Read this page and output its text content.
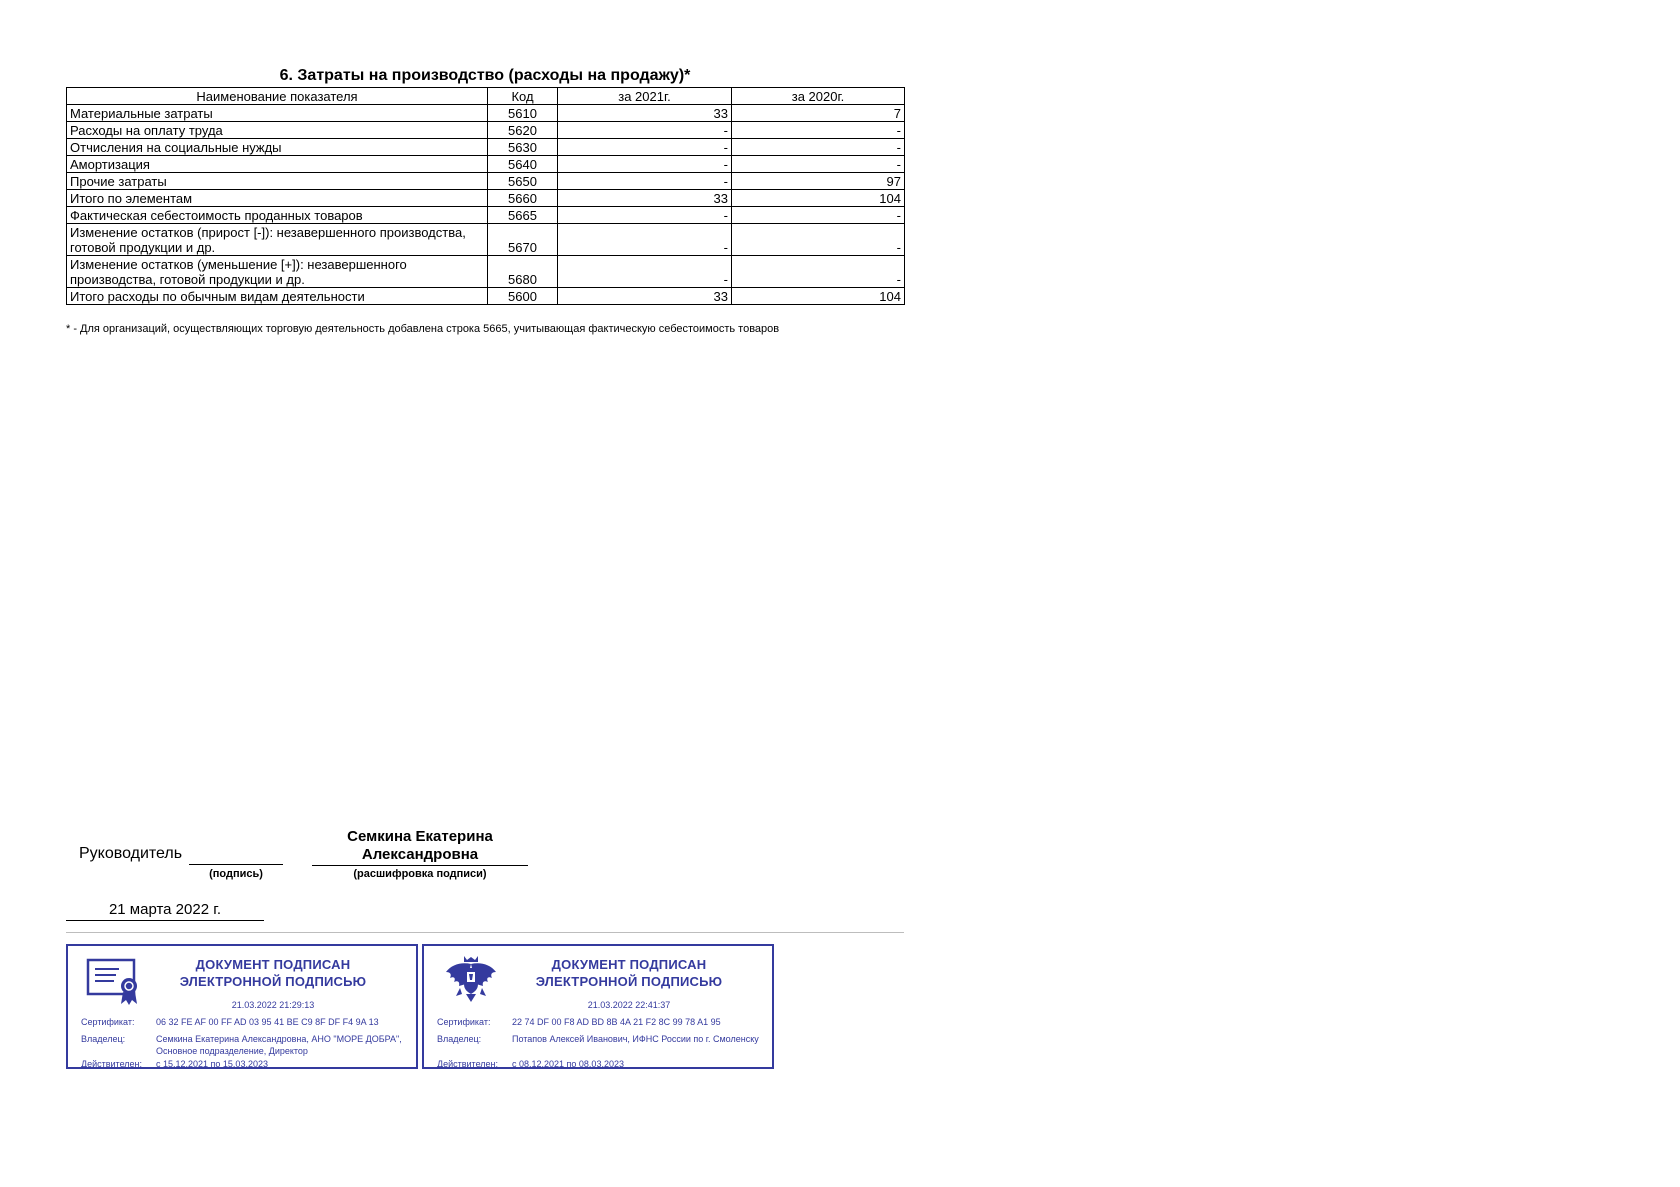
6. Затраты на производство (расходы на продажу)*
Наименование показателя	Код	за 2021г.	за 2020г.
Материальные затраты	5610	33	7
Расходы на оплату труда	5620	-	-
Отчисления на социальные нужды	5630	-	-
Амортизация	5640	-	-
Прочие затраты	5650	-	97
Итого по элементам	5660	33	104
Фактическая себестоимость проданных товаров	5665	-	-
Изменение остатков (прирост [-]): незавершенного производства, готовой продукции и др.	5670	-	-
Изменение остатков (уменьшение [+]): незавершенного производства, готовой продукции и др.	5680	-	-
Итого расходы по обычным видам деятельности	5600	33	104
* - Для организаций, осуществляющих торговую деятельность добавлена строка 5665, учитывающая фактическую себестоимость товаров
Руководитель
(подпись)
Семкина Екатерина Александровна
(расшифровка подписи)
21 марта 2022 г.
ДОКУМЕНТ ПОДПИСАН ЭЛЕКТРОННОЙ ПОДПИСЬЮ
21.03.2022 21:29:13
Сертификат:	06 32 FE AF 00 FF AD 03 95 41 BE C9 8F DF F4 9A 13
Владелец:	Семкина Екатерина Александровна, АНО "МОРЕ ДОБРА", Основное подразделение, Директор
Действителен:	с 15.12.2021 по 15.03.2023
ДОКУМЕНТ ПОДПИСАН ЭЛЕКТРОННОЙ ПОДПИСЬЮ
21.03.2022 22:41:37
Сертификат:	22 74 DF 00 F8 AD BD 8B 4A 21 F2 8C 99 78 A1 95
Владелец:	Потапов Алексей Иванович, ИФНС России по г. Смоленску
Действителен:	с 08.12.2021 по 08.03.2023
